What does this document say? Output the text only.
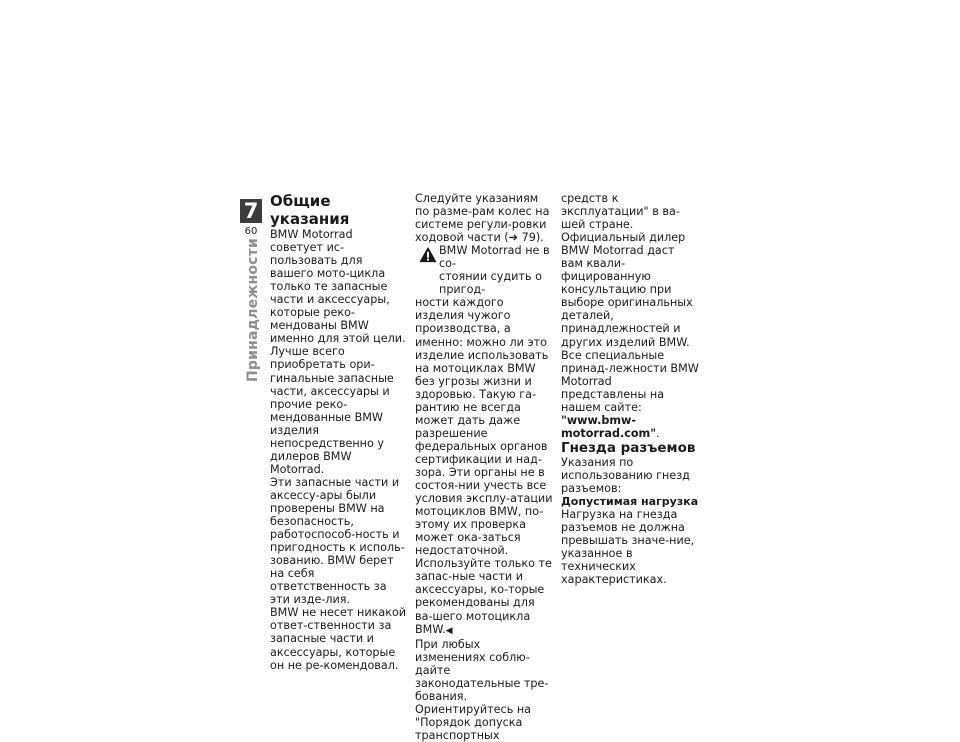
7
60
Принадлежности

Общие указания

BMW Motorrad советует ис-пользовать для вашего мото-цикла только те запасные части и аксессуары, которые реко-мендованы BMW именно для этой цели.

Лучше всего приобретать ори-гинальные запасные части, аксессуары и прочие реко-мендованные BMW изделия непосредственно у дилеров BMW Motorrad.

Эти запасные части и аксессу-ары были проверены BMW на безопасность, работоспособ-ность и пригодность к исполь-зованию. BMW берет на себя ответственность за эти изде-лия.

BMW не несет никакой ответ-ственности за запасные части и аксессуары, которые он не ре-комендовал.

Следуйте указаниям по разме-рам колес на системе регули-ровки ходовой части (➜ 79).

BMW Motorrad не в со-
стоянии судить о пригод-
ности каждого изделия чужого производства, а именно: можно ли это изделие использовать на мотоциклах BMW без угрозы жизни и здоровью. Такую га-рантию не всегда может дать даже разрешение федеральных органов сертификации и над-зора. Эти органы не в состоя-нии учесть все условия эксплу-атации мотоциклов BMW, по-этому их проверка может ока-заться недостаточной.

Используйте только те запас-ные части и аксессуары, ко-торые рекомендованы для ва-шего мотоцикла BMW.◀

При любых изменениях соблю-дайте законодательные тре-бования. Ориентируйтесь на "Порядок допуска транспортных

средств к эксплуатации" в ва-шей стране.

Официальный дилер BMW Motorrad даст вам квали-фицированную консультацию при выборе оригинальных деталей, принадлежностей и других изделий BMW.

Все специальные принад-лежности BMW Motorrad представлены на нашем сайте:

"www.bmw-motorrad.com".

Гнезда разъемов

Указания по использованию гнезд разъемов:

Допустимая нагрузка

Нагрузка на гнезда разъемов не должна превышать значе-ние, указанное в технических характеристиках.
